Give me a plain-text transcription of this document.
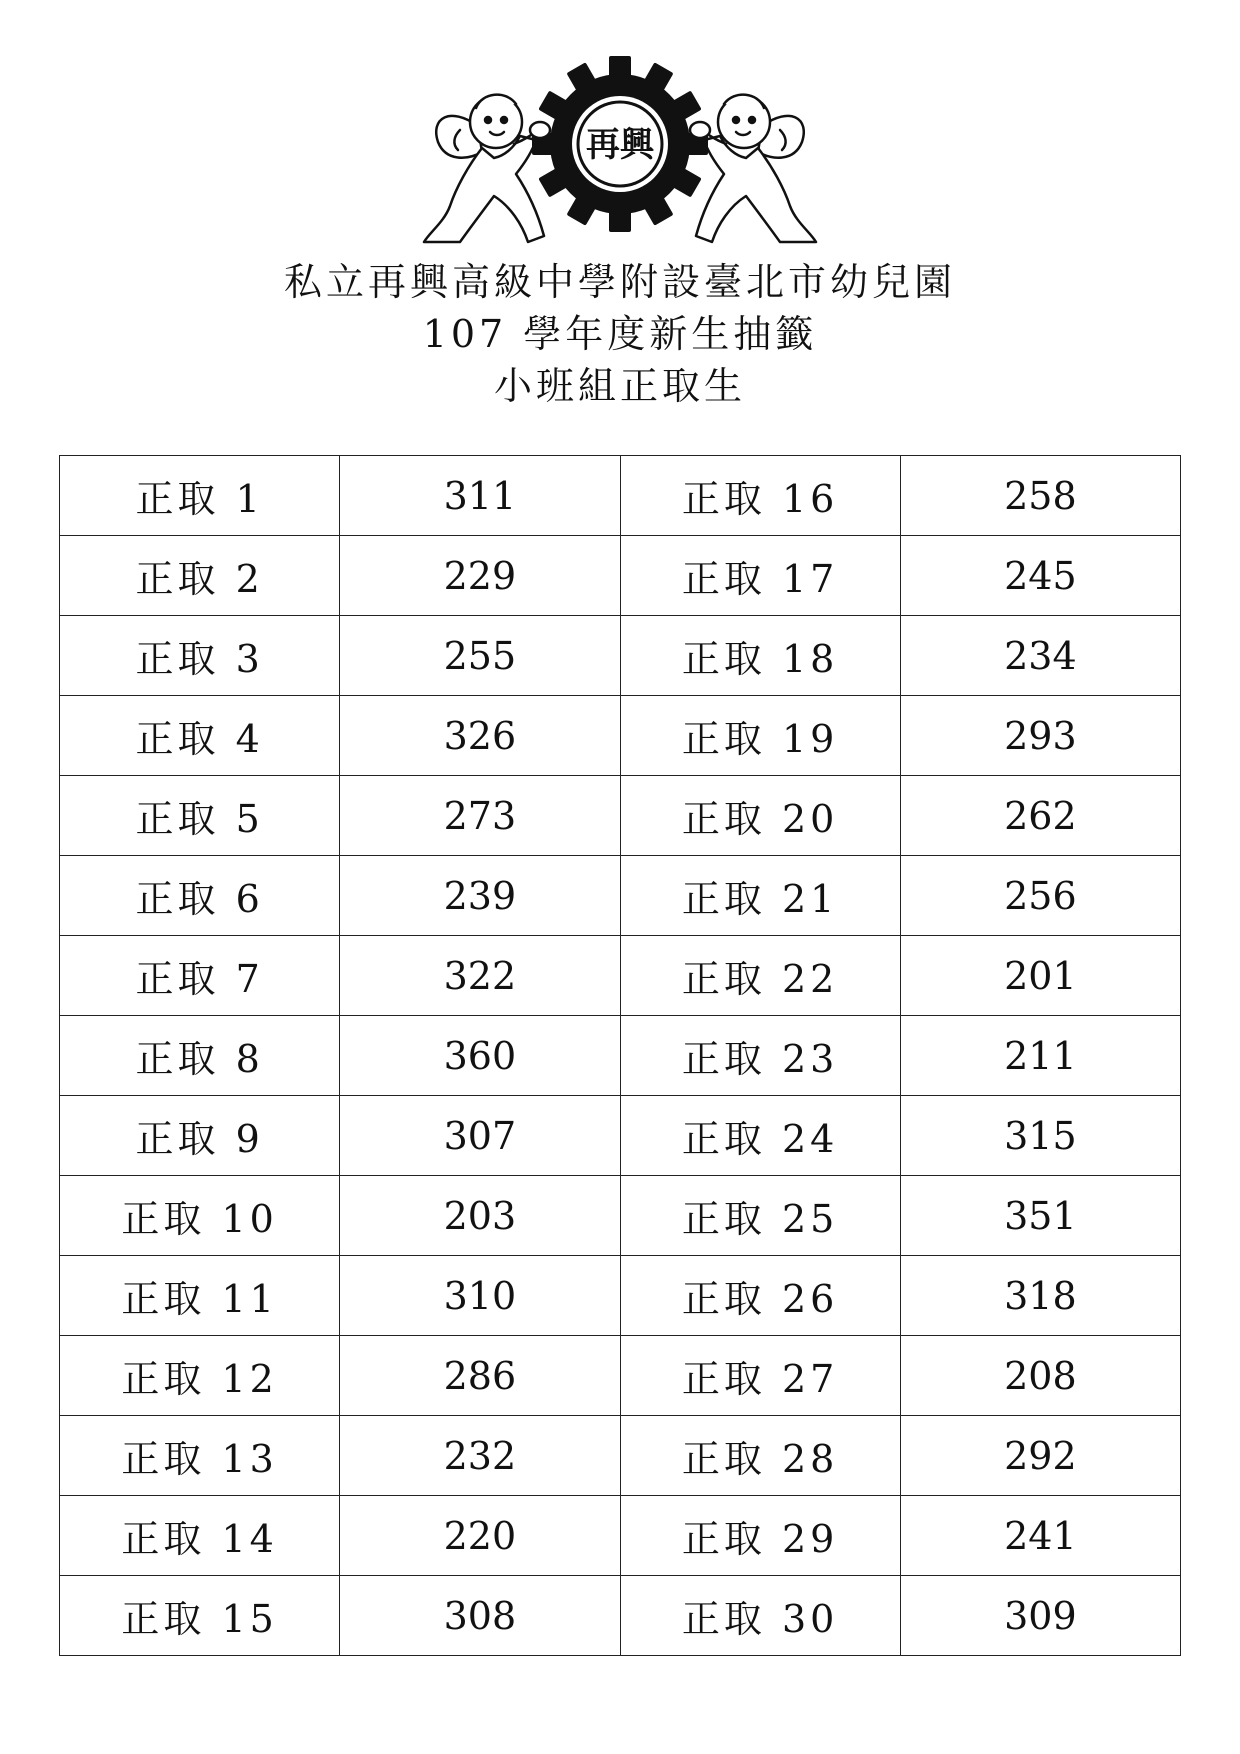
再興
私立再興高級中學附設臺北市幼兒園
107 學年度新生抽籤
小班組正取生
正取 1	311	正取 16	258
正取 2	229	正取 17	245
正取 3	255	正取 18	234
正取 4	326	正取 19	293
正取 5	273	正取 20	262
正取 6	239	正取 21	256
正取 7	322	正取 22	201
正取 8	360	正取 23	211
正取 9	307	正取 24	315
正取 10	203	正取 25	351
正取 11	310	正取 26	318
正取 12	286	正取 27	208
正取 13	232	正取 28	292
正取 14	220	正取 29	241
正取 15	308	正取 30	309
